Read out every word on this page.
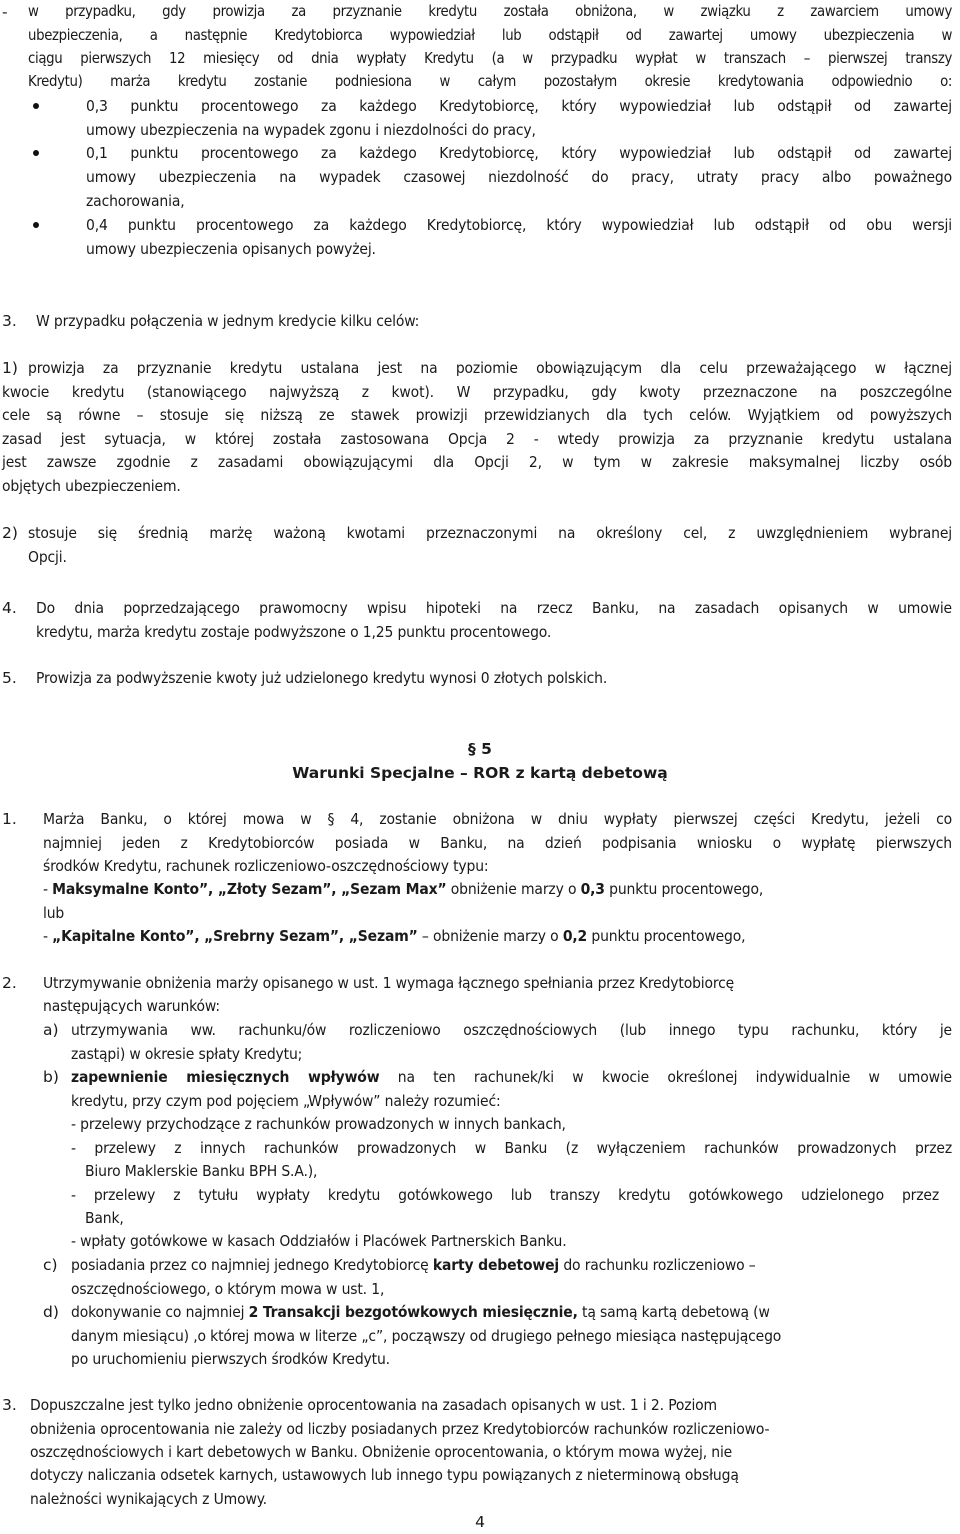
- w przypadku, gdy prowizja za przyznanie kredytu została obniżona, w związku z zawarciem umowy

ubezpieczenia, a następnie Kredytobiorca wypowiedział lub odstąpił od zawartej umowy ubezpieczenia w

ciągu pierwszych 12 miesięcy od dnia wypłaty Kredytu (a w przypadku wypłat w transzach – pierwszej transzy

Kredytu) marża kredytu zostanie podniesiona w całym pozostałym okresie kredytowania odpowiednio o:

0,3 punktu procentowego za każdego Kredytobiorcę, który wypowiedział lub odstąpił od zawartej

umowy ubezpieczenia na wypadek zgonu i niezdolności do pracy,

0,1 punktu procentowego za każdego Kredytobiorcę, który wypowiedział lub odstąpił od zawartej

umowy ubezpieczenia na wypadek czasowej niezdolność do pracy, utraty pracy albo poważnego

zachorowania,

0,4 punktu procentowego za każdego Kredytobiorcę, który wypowiedział lub odstąpił od obu wersji

umowy ubezpieczenia opisanych powyżej.

3. W przypadku połączenia w jednym kredycie kilku celów:

1) prowizja za przyznanie kredytu ustalana jest na poziomie obowiązującym dla celu przeważającego w łącznej

kwocie kredytu (stanowiącego najwyższą z kwot). W przypadku, gdy kwoty przeznaczone na poszczególne

cele są równe – stosuje się niższą ze stawek prowizji przewidzianych dla tych celów. Wyjątkiem od powyższych

zasad jest sytuacja, w której została zastosowana Opcja 2 - wtedy prowizja za przyznanie kredytu ustalana

jest zawsze zgodnie z zasadami obowiązującymi dla Opcji 2, w tym w zakresie maksymalnej liczby osób

objętych ubezpieczeniem.

2) stosuje się średnią marżę ważoną kwotami przeznaczonymi na określony cel, z uwzględnieniem wybranej

Opcji.

4. Do dnia poprzedzającego prawomocny wpisu hipoteki na rzecz Banku, na zasadach opisanych w umowie

kredytu, marża kredytu zostaje podwyższone o 1,25 punktu procentowego.

5. Prowizja za podwyższenie kwoty już udzielonego kredytu wynosi 0 złotych polskich.

§ 5
Warunki Specjalne – ROR z kartą debetową
1. Marża Banku, o której mowa w § 4, zostanie obniżona w dniu wypłaty pierwszej części Kredytu, jeżeli co

najmniej jeden z Kredytobiorców posiada w Banku, na dzień podpisania wniosku o wypłatę pierwszych

środków Kredytu, rachunek rozliczeniowo-oszczędnościowy typu:

- Maksymalne Konto”, „Złoty Sezam”, „Sezam Max” obniżenie marzy o 0,3 punktu procentowego,

lub

- „Kapitalne Konto”, „Srebrny Sezam”, „Sezam” – obniżenie marzy o 0,2 punktu procentowego,

2. Utrzymywanie obniżenia marży opisanego w ust. 1 wymaga łącznego spełniania przez Kredytobiorcę

następujących warunków:

a) utrzymywania ww. rachunku/ów rozliczeniowo oszczędnościowych (lub innego typu rachunku, który je

zastąpi) w okresie spłaty Kredytu;

b) zapewnienie miesięcznych wpływów na ten rachunek/ki w kwocie określonej indywidualnie w umowie

kredytu, przy czym pod pojęciem „Wpływów” należy rozumieć:

- przelewy przychodzące z rachunków prowadzonych w innych bankach,

- przelewy z innych rachunków prowadzonych w Banku (z wyłączeniem rachunków prowadzonych przez

Biuro Maklerskie Banku BPH S.A.),

- przelewy z tytułu wypłaty kredytu gotówkowego lub transzy kredytu gotówkowego udzielonego przez

Bank,

- wpłaty gotówkowe w kasach Oddziałów i Placówek Partnerskich Banku.

c) posiadania przez co najmniej jednego Kredytobiorcę karty debetowej do rachunku rozliczeniowo –

oszczędnościowego, o którym mowa w ust. 1,

d) dokonywanie co najmniej 2 Transakcji bezgotówkowych miesięcznie, tą samą kartą debetową (w

danym miesiącu) ,o której mowa w literze „c”, począwszy od drugiego pełnego miesiąca następującego

po uruchomieniu pierwszych środków Kredytu.

3. Dopuszczalne jest tylko jedno obniżenie oprocentowania na zasadach opisanych w ust. 1 i 2. Poziom

obniżenia oprocentowania nie zależy od liczby posiadanych przez Kredytobiorców rachunków rozliczeniowo-

oszczędnościowych i kart debetowych w Banku. Obniżenie oprocentowania, o którym mowa wyżej, nie

dotyczy naliczania odsetek karnych, ustawowych lub innego typu powiązanych z nieterminową obsługą

należności wynikających z Umowy.

4
